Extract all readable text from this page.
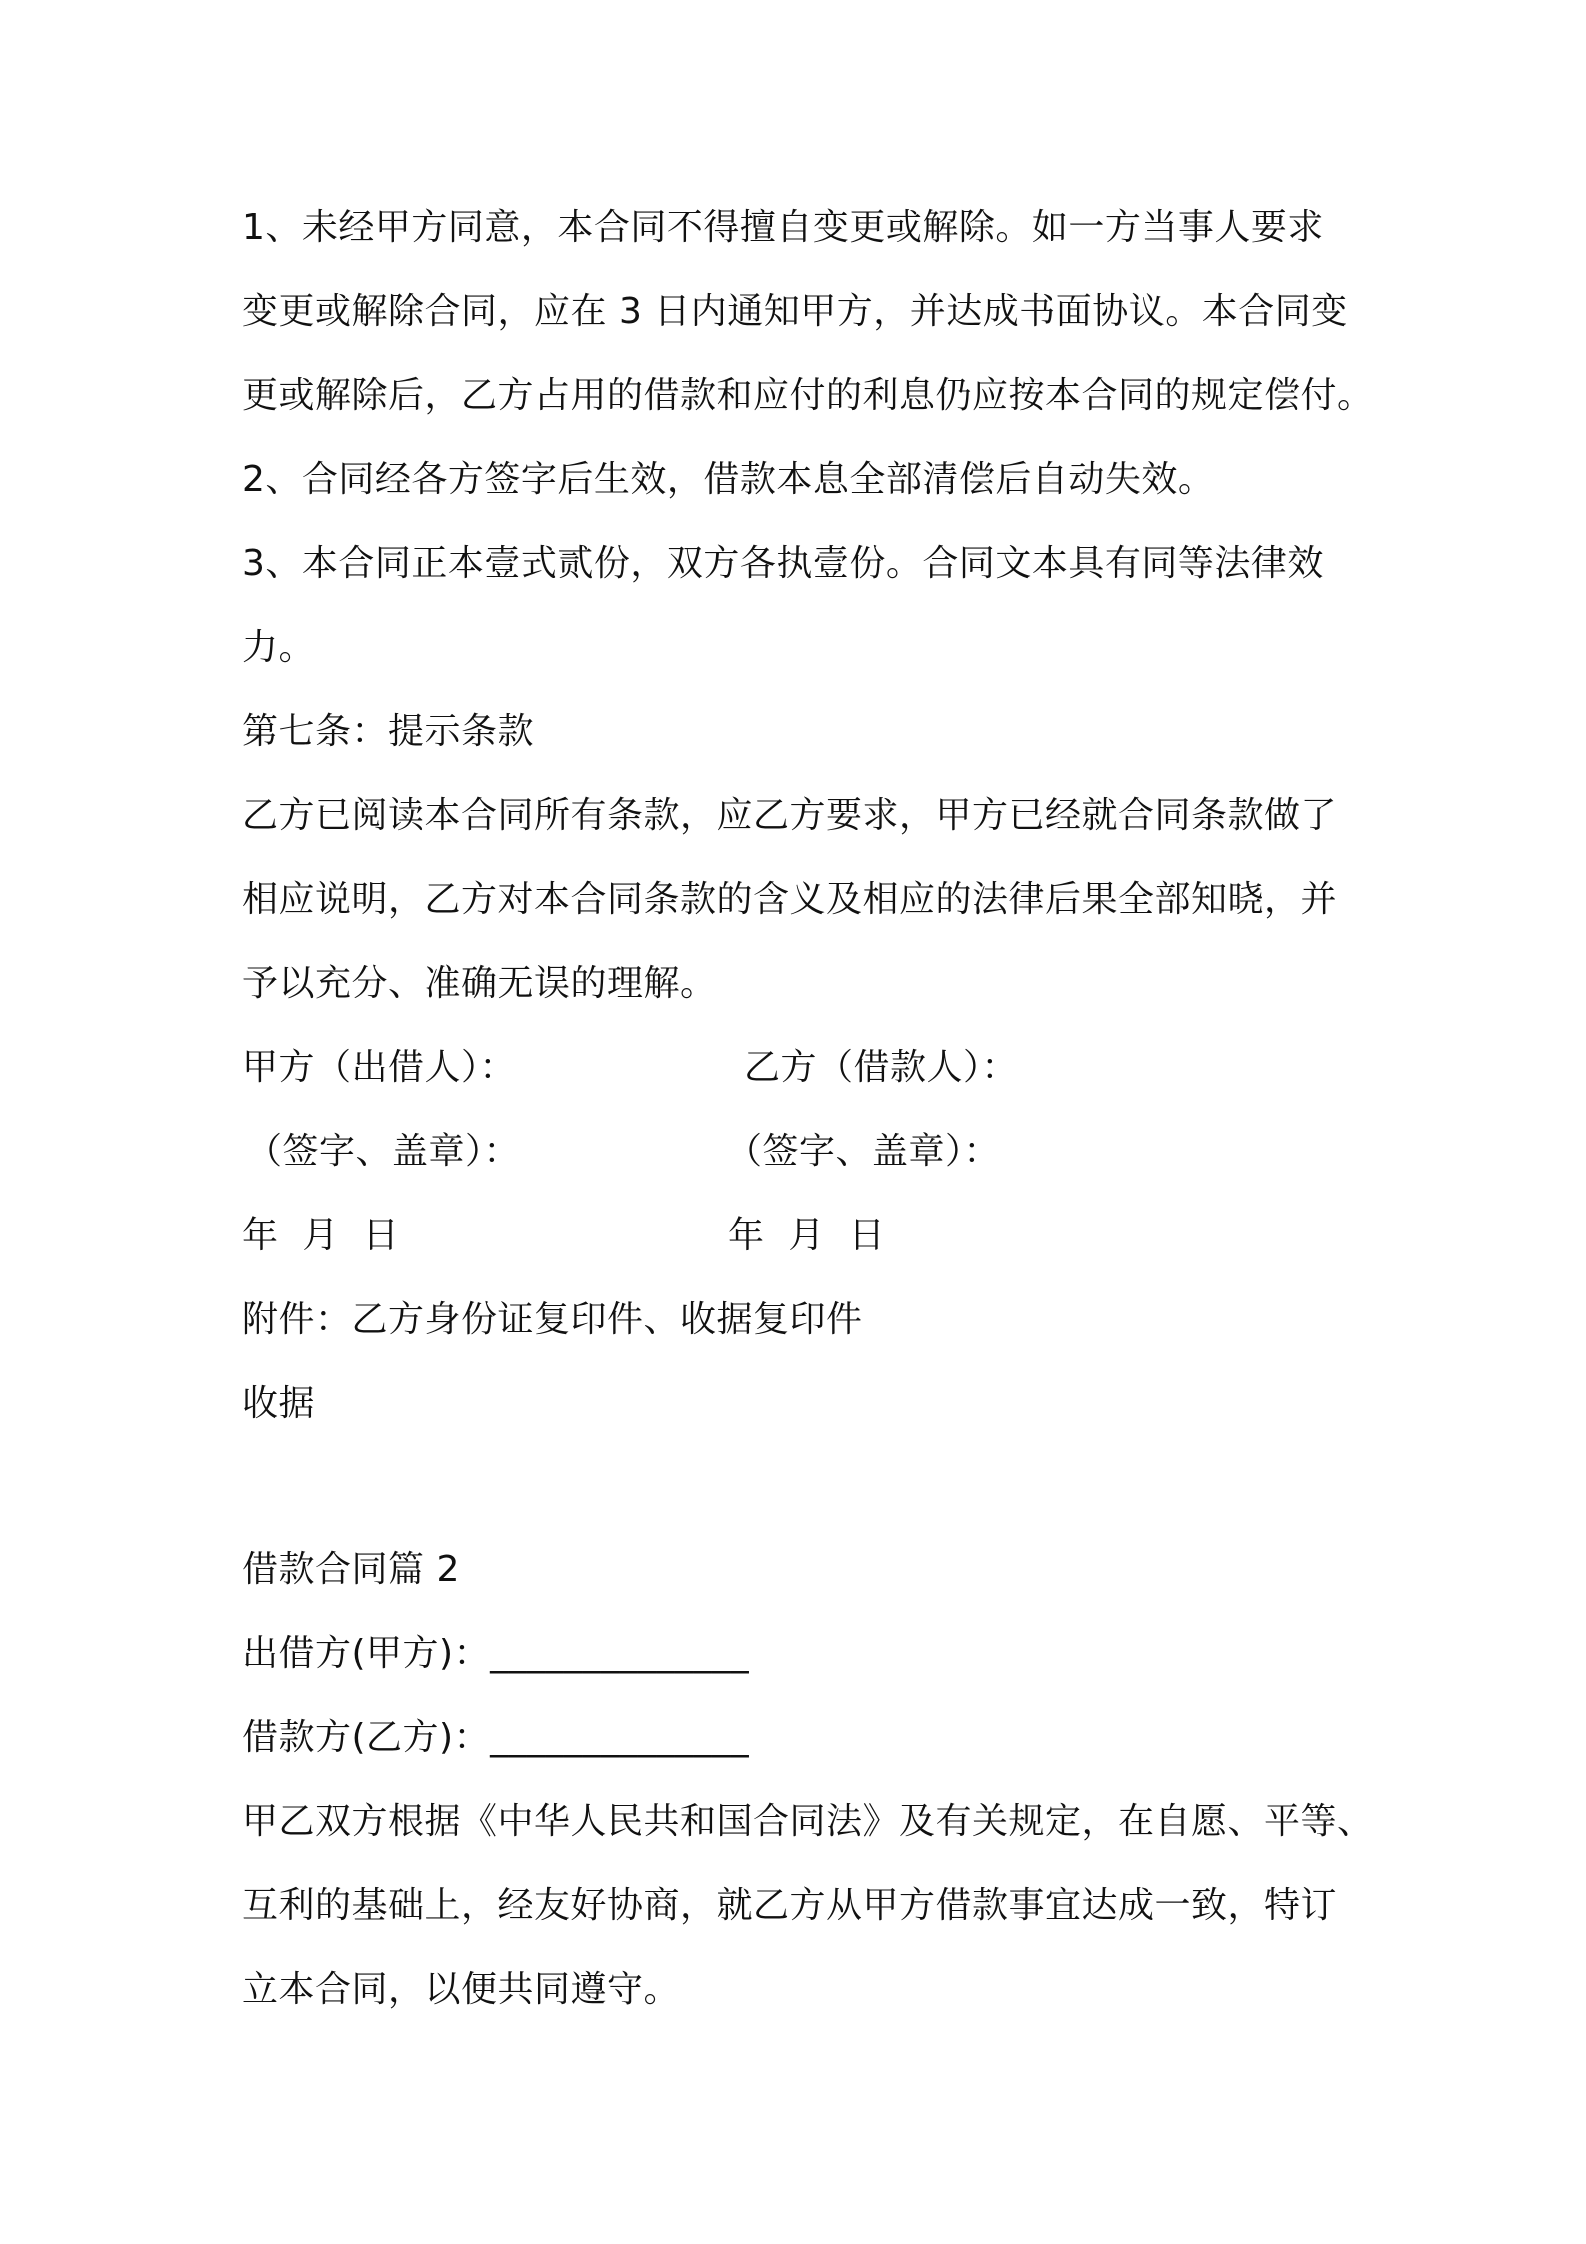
1、未经甲方同意，本合同不得擅自变更或解除。如一方当事人要求
变更或解除合同，应在 3 日内通知甲方，并达成书面协议。本合同变
更或解除后，乙方占用的借款和应付的利息仍应按本合同的规定偿付。
2、合同经各方签字后生效，借款本息全部清偿后自动失效。
3、本合同正本壹式贰份，双方各执壹份。合同文本具有同等法律效
力。
第七条：提示条款
乙方已阅读本合同所有条款，应乙方要求，甲方已经就合同条款做了
相应说明，乙方对本合同条款的含义及相应的法律后果全部知晓，并
予以充分、准确无误的理解。
甲方（出借人）：	乙方（借款人）：
（签字、盖章）：	（签字、盖章）：
年  月  日	年  月  日
附件：乙方身份证复印件、收据复印件
收据
借款合同篇 2
出借方(甲方)：______________
借款方(乙方)：______________
甲乙双方根据《中华人民共和国合同法》及有关规定，在自愿、平等、
互利的基础上，经友好协商，就乙方从甲方借款事宜达成一致，特订
立本合同，以便共同遵守。
